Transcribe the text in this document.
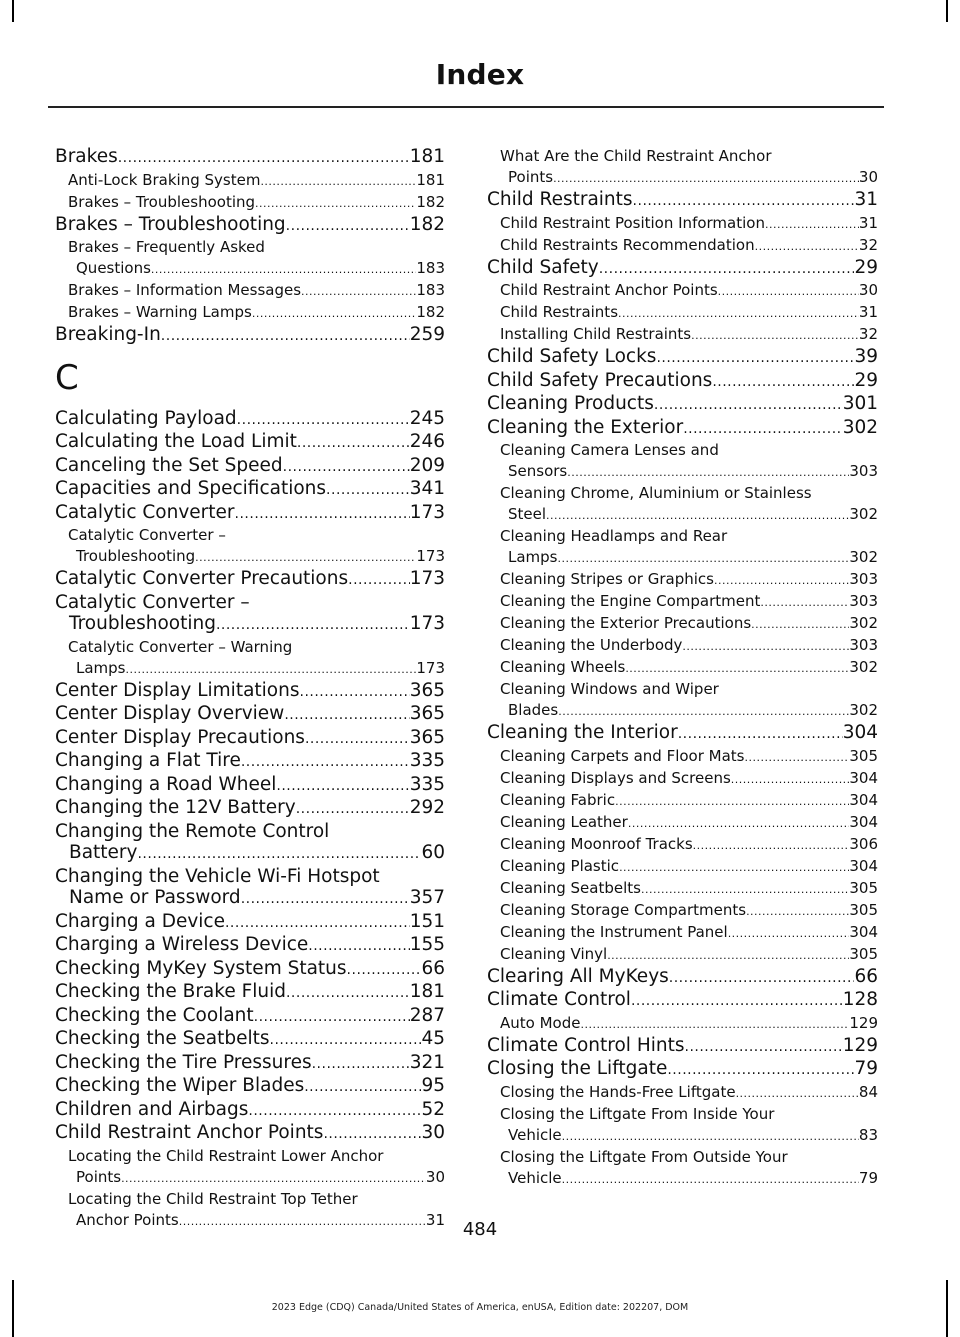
Index
Brakes .....	181
Anti-Lock Braking System .....	181
Brakes – Troubleshooting .....	182
Brakes – Troubleshooting .....	182
Brakes – Frequently Asked
Questions .....	183
Brakes – Information Messages .....	183
Brakes – Warning Lamps .....	182
Breaking-In .....	259
C
Calculating Payload .....	245
Calculating the Load Limit .....	246
Canceling the Set Speed .....	209
Capacities and Specifications .....	341
Catalytic Converter .....	173
Catalytic Converter –
Troubleshooting .....	173
Catalytic Converter Precautions .....	173
Catalytic Converter –
Troubleshooting .....	173
Catalytic Converter – Warning
Lamps .....	173
Center Display Limitations .....	365
Center Display Overview .....	365
Center Display Precautions .....	365
Changing a Flat Tire .....	335
Changing a Road Wheel .....	335
Changing the 12V Battery .....	292
Changing the Remote Control
Battery .....	60
Changing the Vehicle Wi-Fi Hotspot
Name or Password .....	357
Charging a Device .....	151
Charging a Wireless Device .....	155
Checking MyKey System Status .....	66
Checking the Brake Fluid .....	181
Checking the Coolant .....	287
Checking the Seatbelts .....	45
Checking the Tire Pressures .....	321
Checking the Wiper Blades .....	95
Children and Airbags .....	52
Child Restraint Anchor Points .....	30
Locating the Child Restraint Lower Anchor
Points .....	30
Locating the Child Restraint Top Tether
Anchor Points .....	31
What Are the Child Restraint Anchor
Points .....	30
Child Restraints .....	31
Child Restraint Position Information .....	31
Child Restraints Recommendation .....	32
Child Safety .....	29
Child Restraint Anchor Points .....	30
Child Restraints .....	31
Installing Child Restraints .....	32
Child Safety Locks .....	39
Child Safety Precautions .....	29
Cleaning Products .....	301
Cleaning the Exterior .....	302
Cleaning Camera Lenses and
Sensors .....	303
Cleaning Chrome, Aluminium or Stainless
Steel .....	302
Cleaning Headlamps and Rear
Lamps .....	302
Cleaning Stripes or Graphics .....	303
Cleaning the Engine Compartment .....	303
Cleaning the Exterior Precautions .....	302
Cleaning the Underbody .....	303
Cleaning Wheels .....	302
Cleaning Windows and Wiper
Blades .....	302
Cleaning the Interior .....	304
Cleaning Carpets and Floor Mats .....	305
Cleaning Displays and Screens .....	304
Cleaning Fabric .....	304
Cleaning Leather .....	304
Cleaning Moonroof Tracks .....	306
Cleaning Plastic .....	304
Cleaning Seatbelts .....	305
Cleaning Storage Compartments .....	305
Cleaning the Instrument Panel .....	304
Cleaning Vinyl .....	305
Clearing All MyKeys .....	66
Climate Control .....	128
Auto Mode .....	129
Climate Control Hints .....	129
Closing the Liftgate .....	79
Closing the Hands-Free Liftgate .....	84
Closing the Liftgate From Inside Your
Vehicle .....	83
Closing the Liftgate From Outside Your
Vehicle .....	79
484
2023 Edge (CDQ) Canada/United States of America, enUSA, Edition date: 202207, DOM
